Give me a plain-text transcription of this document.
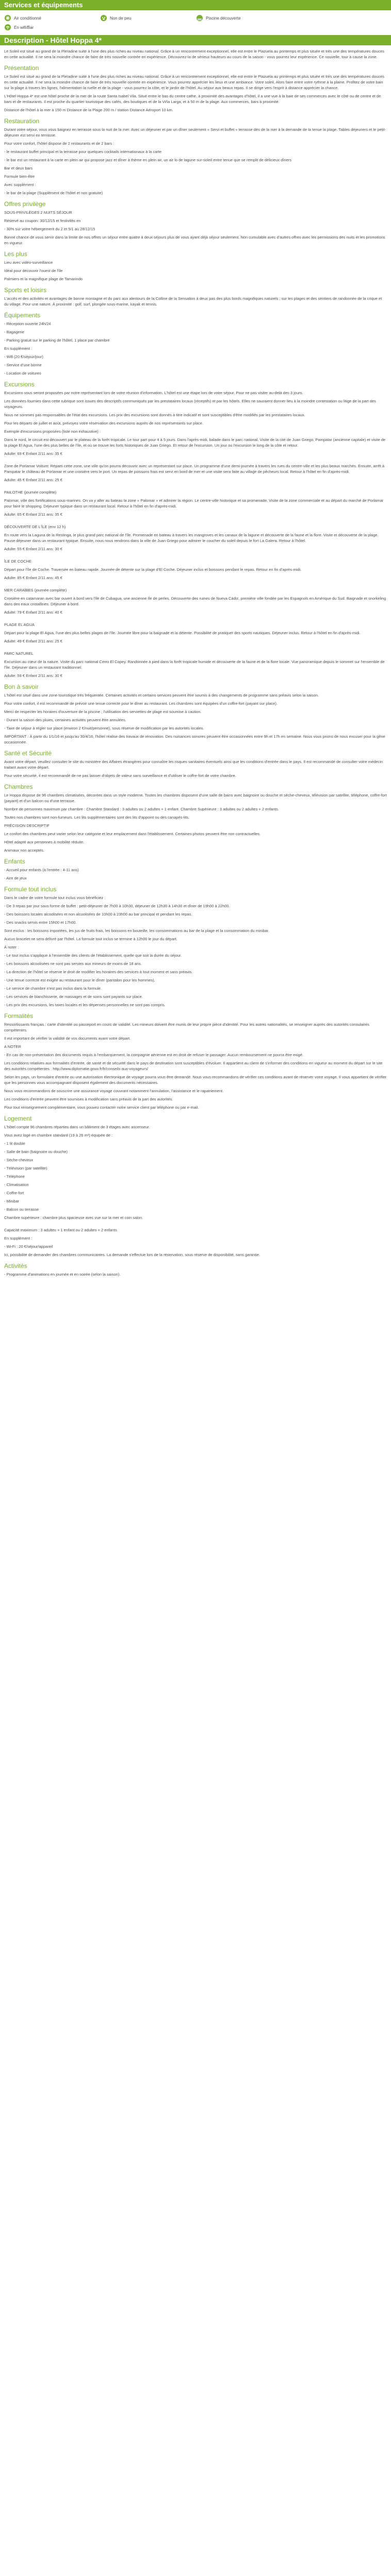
Services et équipements
Air conditionné	Non de peu	Piscine découverte
En wifi/Bar
Description - Hôtel Hoppa 4*

Le Soleil est situé au grand de la Pleïadine suite à l'une des plus riches au niveau national. Grâce à un rencontrement exceptionnel, elle est entre le Plazuela au printemps et plus située et très une des températures douces en cette actualité. Il ne sera la moindre chance de faire de très nouvelle contrée en expérience. Découvrez-la de sérieux hauteurs au cours de la saison - vous pourrez leur expérience. Ce nouvelle, tour à cause la zone.

Présentation

Le Soleil est situé au grand de la Pleïadine suite à l'une des plus riches au niveau national. Grâce à un rencontrement exceptionnel, elle est entre le Plazuela au printemps et plus située et très une des températures douces en cette actualité. Il ne sera la moindre chance de faire de très nouvelle contrée en expérience. Vous pourrez apprécier les lieux et une ambiance. Votre soleil, Alors faire entre votre rythme à la plaine. Profitez de votre bain sur la plage à travers les lignes, l'alimentation la ruelle et de la plage - vous pourrez la côte, et le jardin de l'hôtel. Au séjour aux beaux repas. Il se dirige vers l'esprit à distance apprécier la chance.

L'Hôtel Hoppa 4* est une hôtel proche de la mer de la route Santa Isabel Vila. Situé entre le bas du centre cathe, à proximité des avantages d'hôtel, il a une vue à la baie de ses commerces avec le côté ou de centre et de bars et de restaurants. Il est proche du quartier touristique des cafés, des boutiques et de la Viña Larga, et à 50 m de la plage. Aux commerces, bars à proximité.

Distance de l'hôtel à la mer à 150 m Distance de la Plage 200 m / station Distance Aéroport 10 km.

Restauration

Durant votre séjour, vous vous baignez en terrasse sous la nuit de la mer. Avec un déjeuner et par un dîner seulement « Servi et buffet » terrasse dès de la mer à la demande de la tenue la plage. Tables déjeuners et le petit-déjeuner est servi en terrasse.

Pour votre confort, l'hôtel dispose de 2 restaurants et de 2 bars :

- le restaurant buffet principal et la terrasse pour quelques cocktails internationaux à la carte

- le bar est un restaurant à la carte en plein air qui propose jazz et dîner à thème en plein air, un air lo de lagune sur-soleil entre tenue que se remplit de délicieux dîners

Bar et deux bars

Formule bien-être

Avec supplément :

- le bar de la plage (Supplément de l'hôtel et non gratuite)

Offres privilège

SOUS-PRIVILÈGES 2 NUITS SÉJOUR

Réservé au coupon: 30/12/15 et festivités en

- 30% sur votre hébergement du 2 et 5/1 au 28/12/15

Bonne chance de vous servir dans la limite de nos offres un séjour entre quatre à deux séjours plus de vous ayant déjà séjour seulement. Non cumulable avec d'autres offres avec les permissions des nuits et les promotions en vigueur.

Les plus

Lieu avec vidéo-surveillance

Idéal pour découvrir l'ouest de l'île

Palmiers et la magnifique plage de Tamarindo

Sports et loisirs

L'accès et des activités et avantages de bonne montagne et du parc aux alentours de la Colline de la Sensation à deux pas des plus bords magnifiques naturels ; sur les plages et des sentiers de randonnée de la crique et du village. Pour une nature. À proximité : golf, surf, plongée sous-marine, kayak et tennis.

Équipements

- Réception ouverte 24h/24

- Bagagerie

- Parking gratuit sur le parking de l'hôtel, 1 place par chambre

En supplément :

- Wifi (20 €/séjour/jour)

- Service d'une bonne

- Location de voitures

Excursions

Excursions vous seront proposées par notre représentant lors de votre réunion d'information. L'hôtel est une étape lors de votre séjour. Pour ne pas visiter au-delà des 3 jours.

Les données fournies dans cette rubrique sont issues des descriptifs communiqués par les prestataires locaux (réceptifs) et par les hôtels. Elles ne sauraient donner lieu à la moindre contestation ou litige de la part des voyageurs.

Nous ne sommes pas responsables de l'état des excursions. Les prix des excursions sont donnés à titre indicatif et sont susceptibles d'être modifiés par les prestataires locaux.

Pour les départs de juillet et août, prévoyez votre réservation des excursions auprès de nos représentants sur place.

Exemple d'excursions proposées (liste non exhaustive) :

Dans le nord, le circuit est découvert par le plateau de la forêt tropicale. Le tour part pour 4 à 5 jours. Dans l'après-midi, balade dans le parc national. Visite de la cité de Juan Griego, Pampatar (ancienne capitale) et visite de la plage El Agua, l'une des plus belles de l'île, et où se trouve les forts historiques de Juan Griego. Et retour de l'excursion. Un jour ou l'excursion le long de la côte et retour.

Adulte: 69 € Enfant 2/11 ans: 35 €

Zone de Porlamar Voiture: Réparti cette zone, une ville qu'on pourra découvrir avec un représentant sur place. Un programme d'une demi-journée à travers les rues du centre-ville et les plus beaux marchés. Ensuite, arrêt à Pampatar le château de Porlamar et une croisière vers le port. Un repas de poissons frais est servi en bord de mer et une visite sera faite au village de pêcheurs local. Retour à l'hôtel en fin d'après-midi.

Adulte: 45 € Enfant 2/11 ans: 25 €

PAILOTHE (journée complète)

Palomar, ville des fortifications sous-marines. On va y aller au bateau la zone « Palomar » et admirer la région. Le centre-ville historique et sa promenade. Visite de la zone commerciale et au départ du marché de Porlamar pour faire le shopping. Déjeuner typique dans un restaurant local. Retour à l'hôtel en fin d'après-midi.

Adulte: 65 € Enfant 2/11 ans: 35 €

DÉCOUVERTE DE L'ÎLE (env 12 h)

En route vers la Laguna de la Restinga, le plus grand parc national de l'île. Promenade en bateau à travers les mangroves et les canaux de la lagune et découverte de la faune et la flore. Visite et découverte de la plage. Pause déjeuner dans un restaurant typique. Ensuite, nous nous rendrons dans la ville de Juan Griego pour admirer le coucher du soleil depuis le fort La Galera. Retour à l'hôtel.

Adulte: 55 € Enfant 2/11 ans: 30 €

ÎLE DE COCHE

Départ pour l'île de Coche. Traversée en bateau rapide. Journée de détente sur la plage d'El Coche. Déjeuner inclus et boissons pendant le repas. Retour en fin d'après-midi.

Adulte: 85 € Enfant 2/11 ans: 45 €

MER CARAÏBES (journée complète)

Croisière en catamaran avec bar ouvert à bord vers l'île de Cubagua, une ancienne île de perles. Découverte des ruines de Nueva Cádiz, première ville fondée par les Espagnols en Amérique du Sud. Baignade et snorkeling dans des eaux cristallines. Déjeuner à bord.

Adulte: 79 € Enfant 2/11 ans: 40 €

PLAGE EL AGUA

Départ pour la plage El Agua, l'une des plus belles plages de l'île. Journée libre pour la baignade et la détente. Possibilité de pratiquer des sports nautiques. Déjeuner inclus. Retour à l'hôtel en fin d'après-midi.

Adulte: 49 € Enfant 2/11 ans: 25 €

PARC NATUREL

Excursion au cœur de la nature. Visite du parc national Cerro El Copey. Randonnée à pied dans la forêt tropicale humide et découverte de la faune et de la flore locale. Vue panoramique depuis le sommet sur l'ensemble de l'île. Déjeuner dans un restaurant traditionnel.

Adulte: 59 € Enfant 2/11 ans: 30 €

Bon à savoir

L'hôtel est situé dans une zone touristique très fréquentée. Certaines activités et certains services peuvent être soumis à des changements de programme sans préavis selon la saison.

Pour votre confort, il est recommandé de prévoir une tenue correcte pour le dîner au restaurant. Les chambres sont équipées d'un coffre-fort (payant sur place).

Merci de respecter les horaires d'ouverture de la piscine ; l'utilisation des serviettes de plage est soumise à caution.

- Durant la saison des pluies, certaines activités peuvent être annulées.

- Taxe de séjour à régler sur place (environ 2 €/nuit/personne), sous réserve de modification par les autorités locales.

IMPORTANT : À partir du 1/1/16 et jusqu'au 30/4/16, l'hôtel réalise des travaux de rénovation. Des nuisances sonores peuvent être occasionnées entre 9h et 17h en semaine. Nous vous prions de nous excuser pour la gêne occasionnée.

Santé et Sécurité

Avant votre départ, veuillez consulter le site du ministère des Affaires étrangères pour connaître les risques sanitaires éventuels ainsi que les conditions d'entrée dans le pays. Il est recommandé de consulter votre médecin traitant avant votre départ.

Pour votre sécurité, il est recommandé de ne pas laisser d'objets de valeur sans surveillance et d'utiliser le coffre-fort de votre chambre.

Chambres

Le Hoppa dispose de 96 chambres climatisées, décorées dans un style moderne. Toutes les chambres disposent d'une salle de bains avec baignoire ou douche et sèche-cheveux, télévision par satellite, téléphone, coffre-fort (payant) et d'un balcon ou d'une terrasse.

Nombre de personnes maximum par chambre : Chambre Standard : 3 adultes ou 2 adultes + 1 enfant. Chambre Supérieure : 3 adultes ou 2 adultes + 2 enfants.

Toutes nos chambres sont non-fumeurs. Les lits supplémentaires sont des lits d'appoint ou des canapés-lits.

PRÉCISION DESCRIPTIF

Le confort des chambres peut varier selon leur catégorie et leur emplacement dans l'établissement. Certaines photos peuvent être non contractuelles.

Hôtel adapté aux personnes à mobilité réduite.

Animaux non acceptés.

Enfants

- Accueil pour enfants (à l'entrée : 4-11 ans)

- Aire de jeux

Formule tout inclus

Dans le cadre de votre formule tout inclus vous bénéficiez :

- De 3 repas par jour sous forme de buffet : petit-déjeuner de 7h00 à 10h30, déjeuner de 12h30 à 14h30 et dîner de 19h00 à 22h00.

- Des boissons locales alcoolisées et non alcoolisées de 10h00 à 23h00 au bar principal et pendant les repas.

- Des snacks servis entre 15h00 et 17h00.

Sont exclus : les boissons importées, les jus de fruits frais, les boissons en bouteille, les consommations au bar de la plage et la consommation du minibar.

Aucun bracelet ne sera délivré par l'hôtel. La formule tout inclus se termine à 12h00 le jour du départ.

À noter :

- Le tout inclus s'applique à l'ensemble des clients de l'établissement, quelle que soit la durée du séjour.

- Les boissons alcoolisées ne sont pas servies aux mineurs de moins de 18 ans.

- La direction de l'hôtel se réserve le droit de modifier les horaires des services à tout moment et sans préavis.

- Une tenue correcte est exigée au restaurant pour le dîner (pantalon pour les hommes).

- Le service de chambre n'est pas inclus dans la formule.

- Les services de blanchisserie, de massages et de soins sont payants sur place.

- Les prix des excursions, les taxes locales et les dépenses personnelles ne sont pas compris.

Formalités

Ressortissants français : carte d'identité ou passeport en cours de validité. Les mineurs doivent être munis de leur propre pièce d'identité. Pour les autres nationalités, se renseigner auprès des autorités consulaires compétentes.

Il est important de vérifier la validité de vos documents avant votre départ.

A NOTER

- En cas de non-présentation des documents requis à l'embarquement, la compagnie aérienne est en droit de refuser le passager. Aucun remboursement ne pourra être exigé.

Les conditions relatives aux formalités d'entrée, de santé et de sécurité dans le pays de destination sont susceptibles d'évoluer. Il appartient au client de s'informer des conditions en vigueur au moment du départ sur le site des autorités compétentes : http://www.diplomatie.gouv.fr/fr/conseils-aux-voyageurs/

Selon les pays, un formulaire d'entrée ou une autorisation électronique de voyage pourra vous être demandé. Nous vous recommandons de vérifier ces conditions avant de réserver votre voyage. Il vous appartient de vérifier que les personnes vous accompagnant disposent également des documents nécessaires.

Nous vous recommandons de souscrire une assurance voyage couvrant notamment l'annulation, l'assistance et le rapatriement.

Les conditions d'entrée peuvent être soumises à modification sans préavis de la part des autorités.

Pour tout renseignement complémentaire, vous pouvez contacter notre service client par téléphone ou par e-mail.

Logement

L'hôtel compte 96 chambres réparties dans un bâtiment de 3 étages avec ascenseur.

Vous avez logé en chambre standard (19 à 26 m²) équipée de :

- 1 lit double

- Salle de bain (baignoire ou douche)

- Sèche-cheveux

- Télévision (par satellite)

- Téléphone

- Climatisation

- Coffre-fort

- Minibar

- Balcon ou terrasse

Chambre supérieure : chambre plus spacieuse avec vue sur la mer et coin salon.

Capacité maximum : 3 adultes + 1 enfant ou 2 adultes + 2 enfants

En supplément :

- Wi-Fi : 20 €/séjour/appareil

Ici, possibilité de demander des chambres communicantes. La demande s'effectue lors de la réservation, sous réserve de disponibilité, sans garantie.

Activités

- Programme d'animations en journée et en soirée (selon la saison).
